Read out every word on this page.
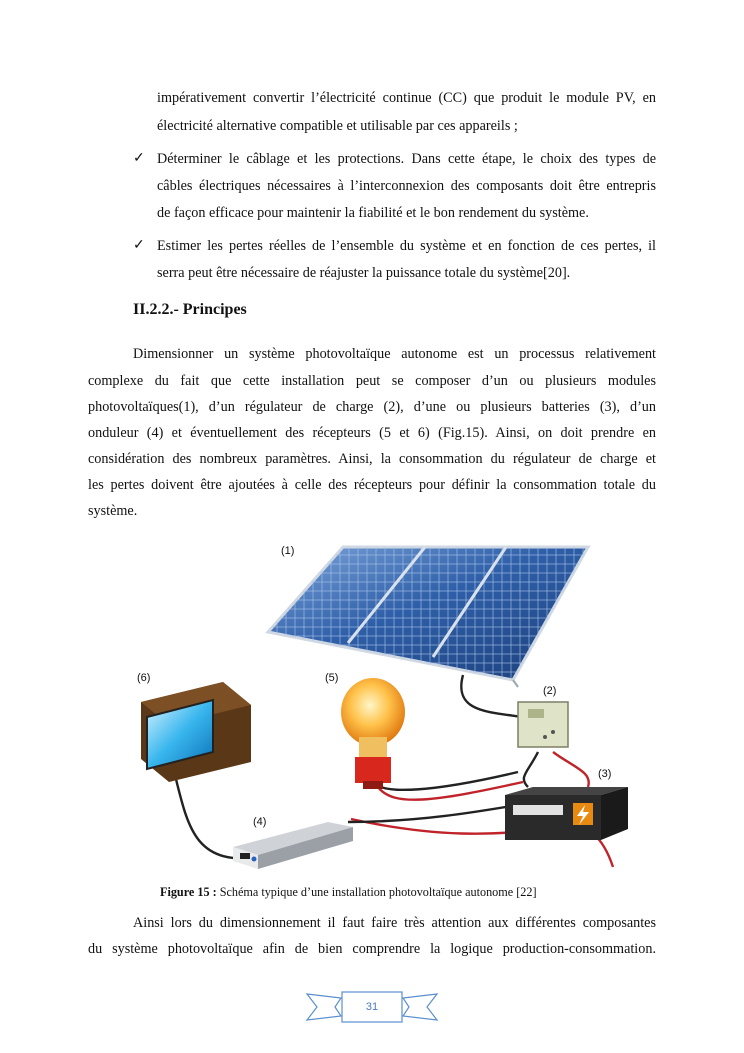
impérativement convertir l’électricité continue (CC) que produit le module PV, en
électricité alternative compatible et utilisable par ces appareils ;
✓ Déterminer le câblage et les protections. Dans cette étape, le choix des types de
câbles électriques nécessaires à l’interconnexion des composants doit être entrepris
de façon efficace pour maintenir la fiabilité et le bon rendement du système.
✓ Estimer les pertes réelles de l’ensemble du système et en fonction de ces pertes, il
serra peut être nécessaire de réajuster la puissance totale du système[20].
II.2.2.- Principes
Dimensionner un système photovoltaïque autonome est un processus relativement
complexe du fait que cette installation peut se composer d’un ou plusieurs modules
photovoltaïques(1), d’un régulateur de charge (2), d’une ou plusieurs batteries (3), d’un
onduleur (4) et éventuellement des récepteurs (5 et 6) (Fig.15). Ainsi, on doit prendre en
considération des nombreux paramètres. Ainsi, la consommation du régulateur de charge et
les pertes doivent être ajoutées à celle des récepteurs pour définir la consommation totale du
système.
(1)
(2)
(3)
(4)
(5)
(6)
Figure 15 : Schéma typique d’une installation photovoltaïque autonome [22]
Ainsi lors du dimensionnement il faut faire très attention aux différentes composantes
du système photovoltaïque afin de bien comprendre la logique production-consommation.
31
